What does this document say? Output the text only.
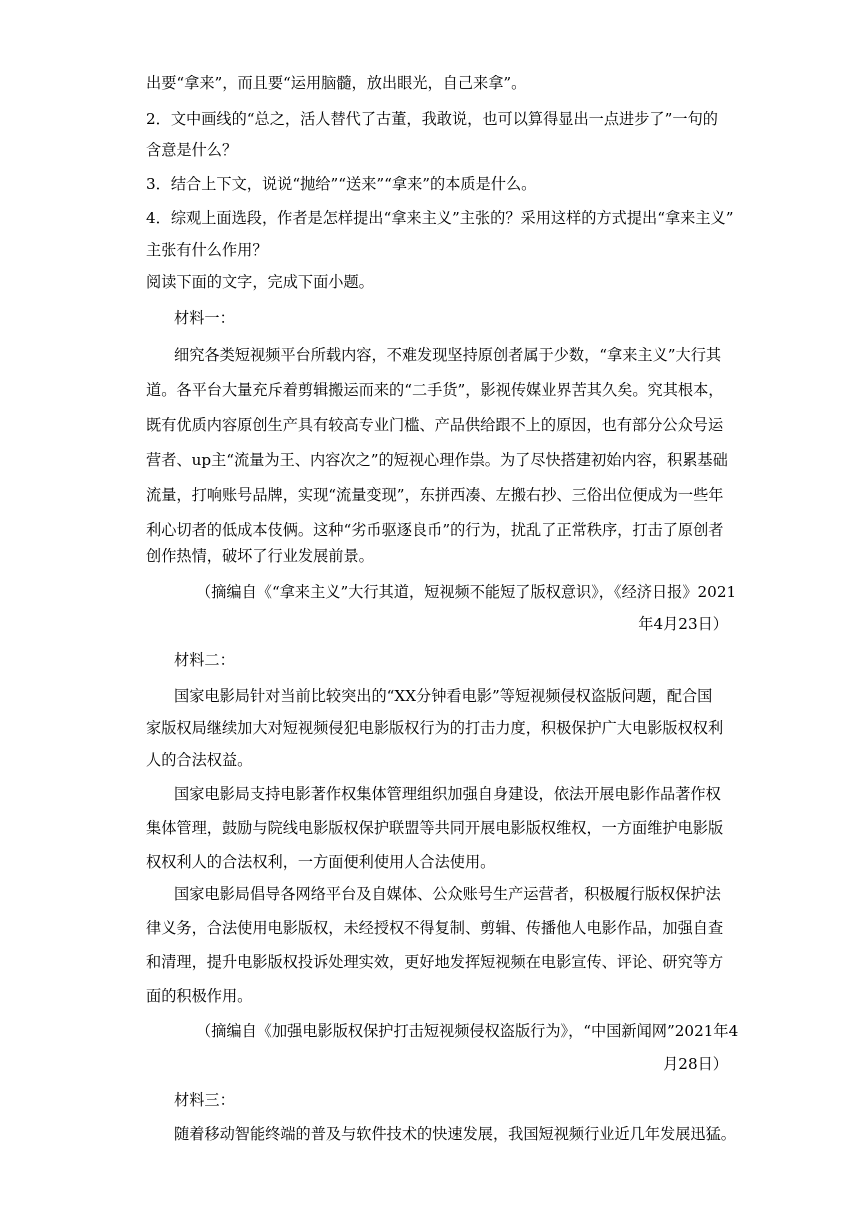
出要“拿来”，而且要“运用脑髓，放出眼光，自己来拿”。
2．文中画线的“总之，活人替代了古董，我敢说，也可以算得显出一点进步了”一句的
含意是什么？
3．结合上下文，说说“抛给”“送来”“拿来”的本质是什么。
4．综观上面选段，作者是怎样提出“拿来主义”主张的？采用这样的方式提出“拿来主义”
主张有什么作用？
阅读下面的文字，完成下面小题。
材料一：
细究各类短视频平台所载内容，不难发现坚持原创者属于少数，“拿来主义”大行其
道。各平台大量充斥着剪辑搬运而来的“二手货”，影视传媒业界苦其久矣。究其根本，
既有优质内容原创生产具有较高专业门槛、产品供给跟不上的原因，也有部分公众号运
营者、up主“流量为王、内容次之”的短视心理作祟。为了尽快搭建初始内容，积累基础
流量，打响账号品牌，实现“流量变现”，东拼西凑、左搬右抄、三俗出位便成为一些年
利心切者的低成本伎俩。这种“劣币驱逐良币”的行为，扰乱了正常秩序，打击了原创者
创作热情，破坏了行业发展前景。
（摘编自《“拿来主义”大行其道，短视频不能短了版权意识》，《经济日报》2021
年4月23日）
材料二：
国家电影局针对当前比较突出的“XX分钟看电影”等短视频侵权盗版问题，配合国
家版权局继续加大对短视频侵犯电影版权行为的打击力度，积极保护广大电影版权权利
人的合法权益。
国家电影局支持电影著作权集体管理组织加强自身建设，依法开展电影作品著作权
集体管理，鼓励与院线电影版权保护联盟等共同开展电影版权维权，一方面维护电影版
权权利人的合法权利，一方面便利使用人合法使用。
国家电影局倡导各网络平台及自媒体、公众账号生产运营者，积极履行版权保护法
律义务，合法使用电影版权，未经授权不得复制、剪辑、传播他人电影作品，加强自查
和清理，提升电影版权投诉处理实效，更好地发挥短视频在电影宣传、评论、研究等方
面的积极作用。
（摘编自《加强电影版权保护打击短视频侵权盗版行为》，“中国新闻网”2021年4
月28日）
材料三：
随着移动智能终端的普及与软件技术的快速发展，我国短视频行业近几年发展迅猛。
